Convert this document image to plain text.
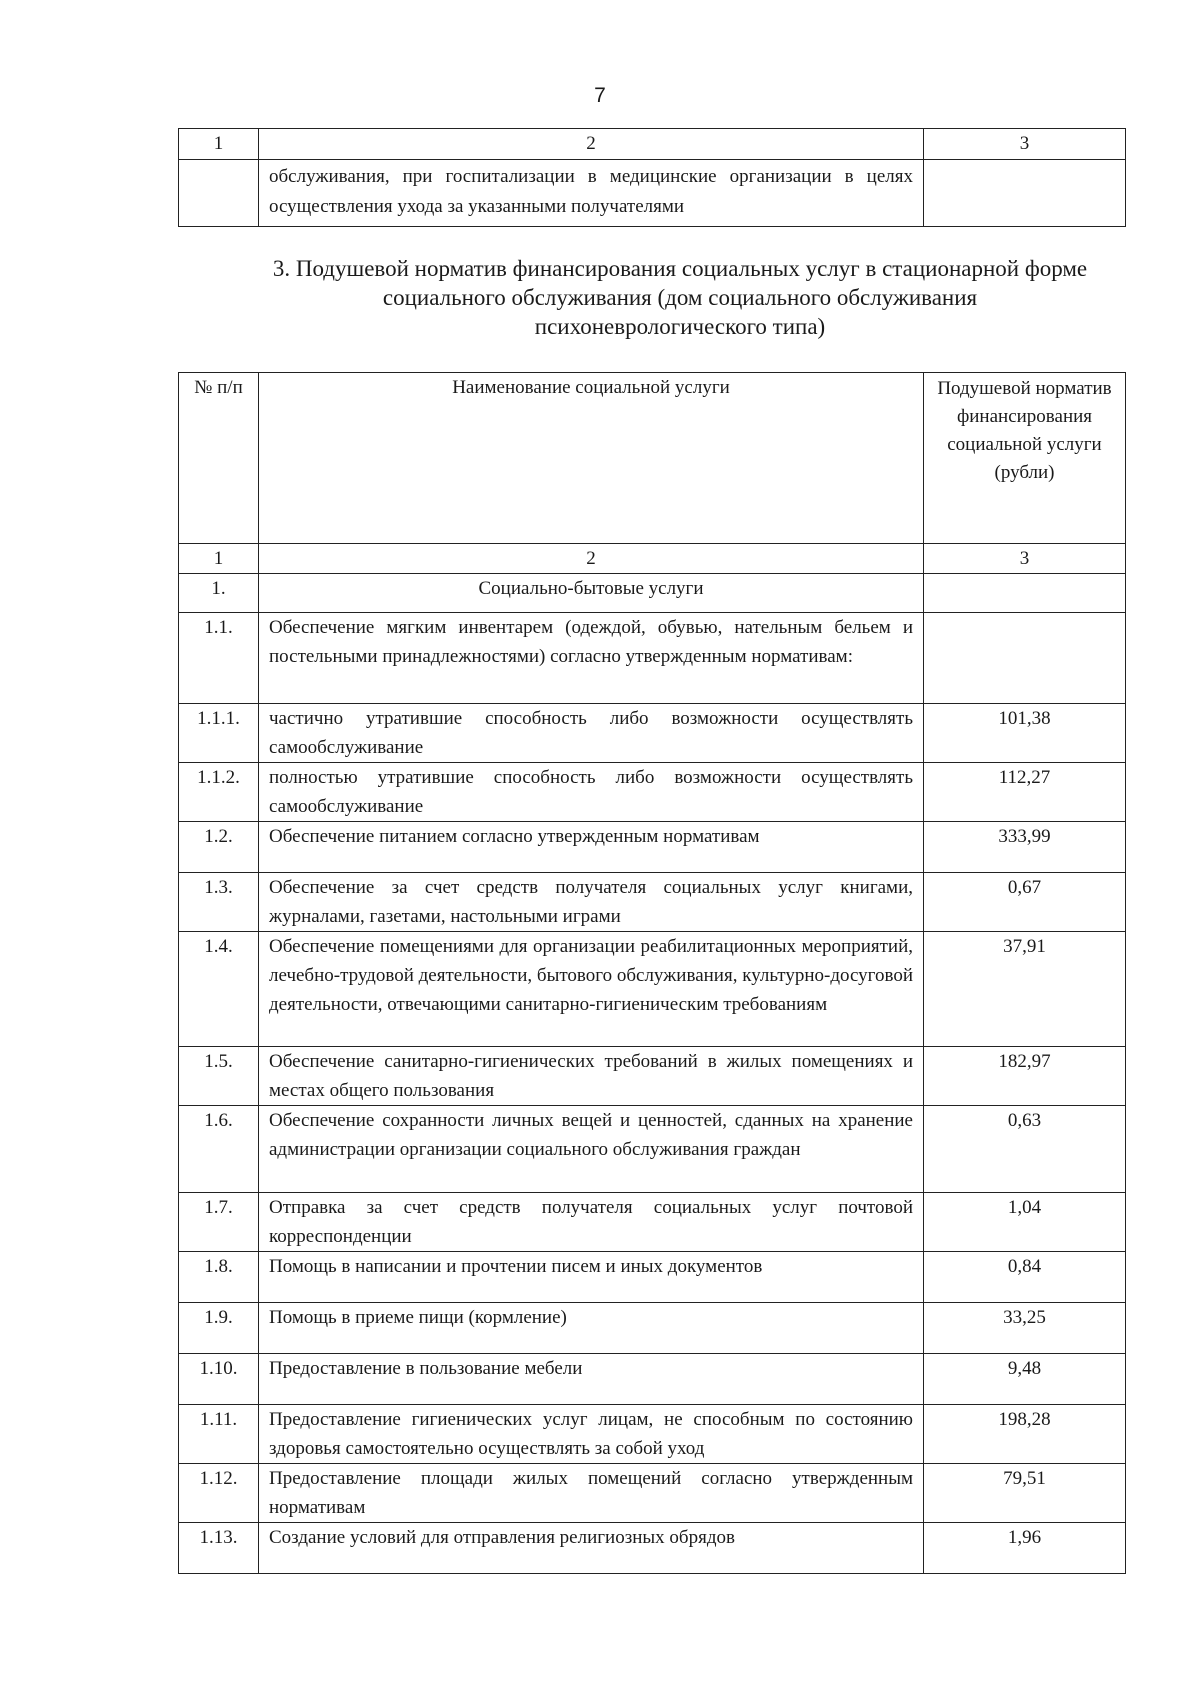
7
1	2	3
	обслуживания, при госпитализации в медицинские организации в целях осуществления ухода за указанными получателями	
3. Подушевой норматив финансирования социальных услуг в стационарной форме социального обслуживания (дом социального обслуживания психоневрологического типа)
№ п/п	Наименование социальной услуги	Подушевой норматив финансирования социальной услуги (рубли)
1	2	3
1.	Социально-бытовые услуги	
1.1.	Обеспечение мягким инвентарем (одеждой, обувью, нательным бельем и постельными принадлежностями) согласно утвержденным нормативам:	
1.1.1.	частично утратившие способность либо возможности осуществлять самообслуживание	101,38
1.1.2.	полностью утратившие способность либо возможности осуществлять самообслуживание	112,27
1.2.	Обеспечение питанием согласно утвержденным нормативам	333,99
1.3.	Обеспечение за счет средств получателя социальных услуг книгами, журналами, газетами, настольными играми	0,67
1.4.	Обеспечение помещениями для организации реабилитационных мероприятий, лечебно-трудовой деятельности, бытового обслуживания, культурно-досуговой деятельности, отвечающими санитарно-гигиеническим требованиям	37,91
1.5.	Обеспечение санитарно-гигиенических требований в жилых помещениях и местах общего пользования	182,97
1.6.	Обеспечение сохранности личных вещей и ценностей, сданных на хранение администрации организации социального обслуживания граждан	0,63
1.7.	Отправка за счет средств получателя социальных услуг почтовой корреспонденции	1,04
1.8.	Помощь в написании и прочтении писем и иных документов	0,84
1.9.	Помощь в приеме пищи (кормление)	33,25
1.10.	Предоставление в пользование мебели	9,48
1.11.	Предоставление гигиенических услуг лицам, не способным по состоянию здоровья самостоятельно осуществлять за собой уход	198,28
1.12.	Предоставление площади жилых помещений согласно утвержденным нормативам	79,51
1.13.	Создание условий для отправления религиозных обрядов	1,96
